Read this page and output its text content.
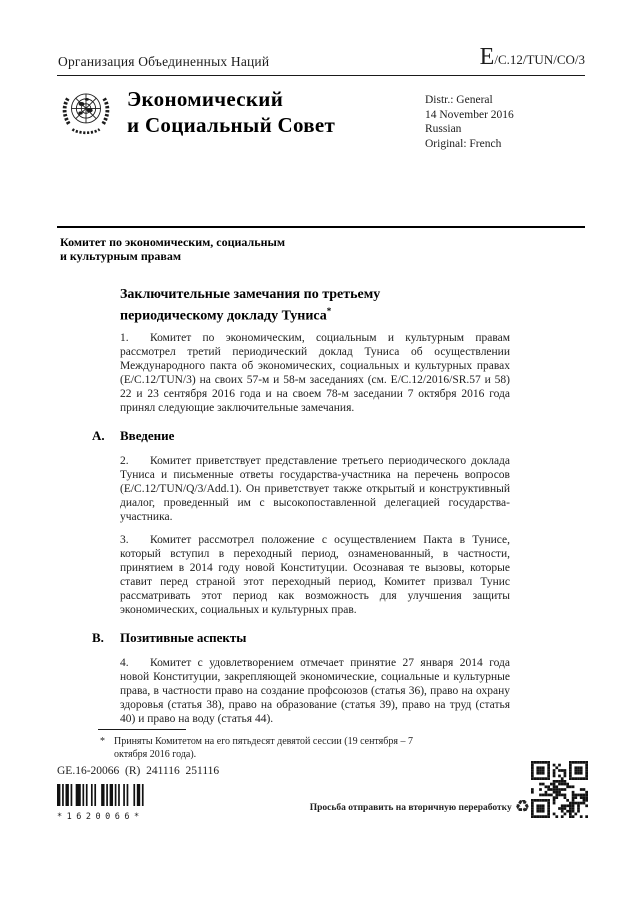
Организация Объединенных Наций	E/C.12/TUN/CO/3
Экономический
и Социальный Совет
Distr.: General
14 November 2016
Russian
Original: French
Комитет по экономическим, социальным
и культурным правам
Заключительные замечания по третьему периодическому докладу Туниса*

1. Комитет по экономическим, социальным и культурным правам рассмотрел третий периодический доклад Туниса об осуществлении Международного пакта об экономических, социальных и культурных правах (E/C.12/TUN/3) на своих 57-м и 58-м заседаниях (см. E/C.12/2016/SR.57 и 58) 22 и 23 сентября 2016 года и на своем 78-м заседании 7 октября 2016 года принял следующие заключительные замечания.

A. Введение

2. Комитет приветствует представление третьего периодического доклада Туниса и письменные ответы государства-участника на перечень вопросов (E/C.12/TUN/Q/3/Add.1). Он приветствует также открытый и конструктивный диалог, проведенный им с высокопоставленной делегацией государства-участника.

3. Комитет рассмотрел положение с осуществлением Пакта в Тунисе, который вступил в переходный период, ознаменованный, в частности, принятием в 2014 году новой Конституции. Осознавая те вызовы, которые ставит перед страной этот переходный период, Комитет призвал Тунис рассматривать этот период как возможность для улучшения защиты экономических, социальных и культурных прав.

B. Позитивные аспекты

4. Комитет с удовлетворением отмечает принятие 27 января 2014 года новой Конституции, закрепляющей экономические, социальные и культурные права, в частности право на создание профсоюзов (статья 36), право на охрану здоровья (статья 38), право на образование (статья 39), право на труд (статья 40) и право на воду (статья 44).

* Приняты Комитетом на его пятьдесят девятой сессии (19 сентября – 7 октября 2016 года).
GE.16-20066  (R)  241116  251116
*1620066*
Просьба отправить на вторичную переработку ♻
